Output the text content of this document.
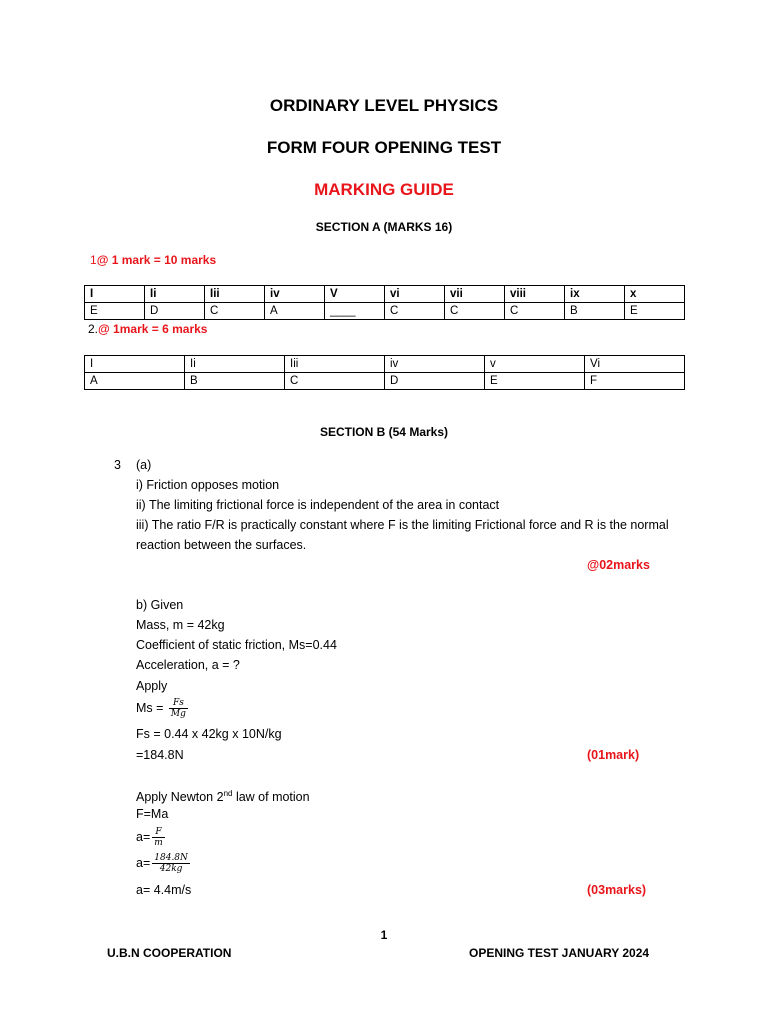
ORDINARY LEVEL PHYSICS
FORM FOUR OPENING TEST
MARKING GUIDE
SECTION A (MARKS 16)
1@ 1 mark = 10 marks
I	Ii	Iii	iv	V	vi	vii	viii	ix	x
E	D	C	A	____	C	C	C	B	E
2.@ 1mark = 6 marks
I	Ii	Iii	iv	v	Vi
A	B	C	D	E	F
SECTION B (54 Marks)
3 (a)
i) Friction opposes motion
ii) The limiting frictional force is independent of the area in contact
iii) The ratio F/R is practically constant where F is the limiting Frictional force and R is the normal
reaction between the surfaces.
@02marks
b) Given
Mass, m = 42kg
Coefficient of static friction, Ms=0.44
Acceleration, a = ?
Apply
$Ms = \frac{Fs}{Mg}$
Fs = 0.44 x 42kg x 10N/kg
=184.8N	(01mark)
Apply Newton 2nd law of motion
F=Ma
$a= \frac{F}{m}$
$a= \frac{184.8N}{42kg}$
a= 4.4m/s	(03marks)
1
U.B.N COOPERATION	OPENING TEST JANUARY 2024
